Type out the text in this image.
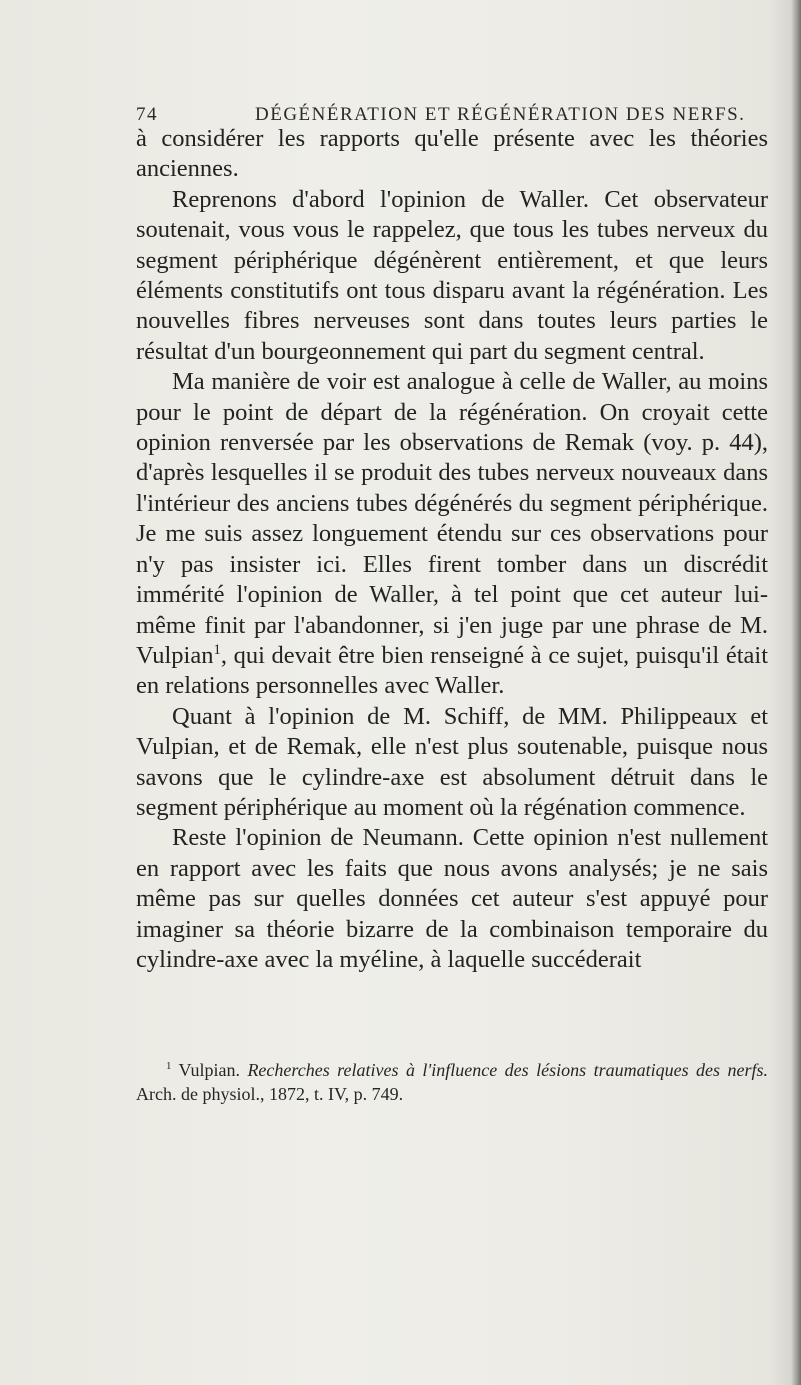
74	DÉGÉNÉRATION ET RÉGÉNÉRATION DES NERFS.

à considérer les rapports qu'elle présente avec les théories anciennes.

Reprenons d'abord l'opinion de Waller. Cet observateur soutenait, vous vous le rappelez, que tous les tubes nerveux du segment périphérique dégénèrent entièrement, et que leurs éléments constitutifs ont tous disparu avant la régénération. Les nouvelles fibres nerveuses sont dans toutes leurs parties le résultat d'un bourgeonnement qui part du segment central.

Ma manière de voir est analogue à celle de Waller, au moins pour le point de départ de la régénération. On croyait cette opinion renversée par les observations de Remak (voy. p. 44), d'après lesquelles il se produit des tubes nerveux nouveaux dans l'intérieur des anciens tubes dégénérés du segment périphérique. Je me suis assez longuement étendu sur ces observations pour n'y pas insister ici. Elles firent tomber dans un discrédit immérité l'opinion de Waller, à tel point que cet auteur lui-même finit par l'abandonner, si j'en juge par une phrase de M. Vulpian$^1$, qui devait être bien renseigné à ce sujet, puisqu'il était en relations personnelles avec Waller.

Quant à l'opinion de M. Schiff, de MM. Philippeaux et Vulpian, et de Remak, elle n'est plus soutenable, puisque nous savons que le cylindre-axe est absolument détruit dans le segment périphérique au moment où la régénation commence.

Reste l'opinion de Neumann. Cette opinion n'est nullement en rapport avec les faits que nous avons analysés; je ne sais même pas sur quelles données cet auteur s'est appuyé pour imaginer sa théorie bizarre de la combinaison temporaire du cylindre-axe avec la myéline, à laquelle succéderait

$^1$ Vulpian. Recherches relatives à l'influence des lésions traumatiques des nerfs. Arch. de physiol., 1872, t. IV, p. 749.
